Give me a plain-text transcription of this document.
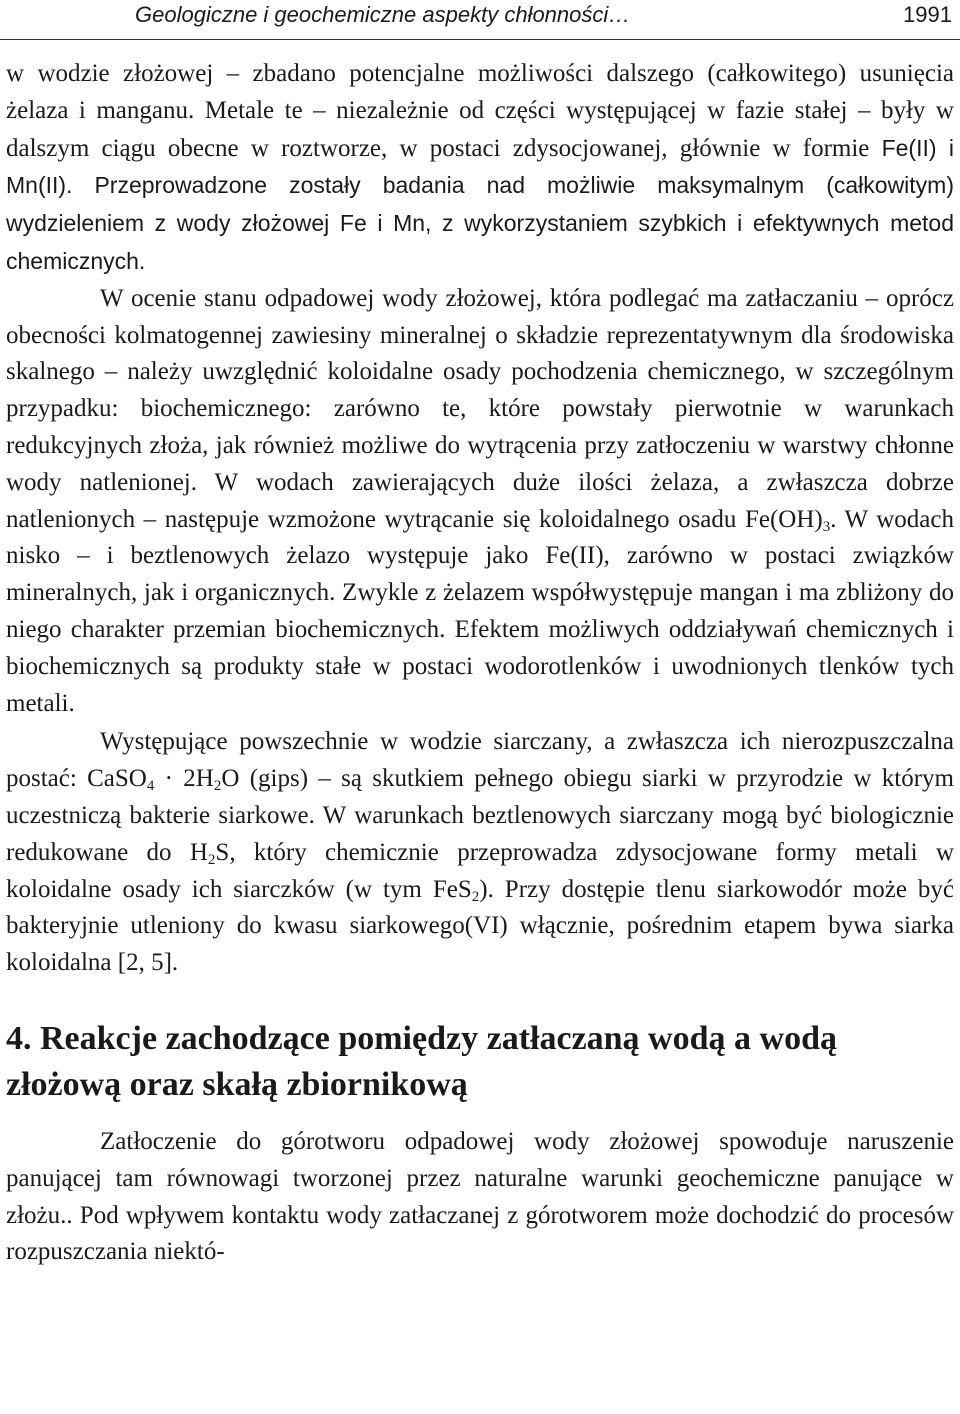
Geologiczne i geochemiczne aspekty chłonności…	1991

w wodzie złożowej – zbadano potencjalne możliwości dalszego (całkowitego) usunięcia żelaza i manganu. Metale te – niezależnie od części występującej w fazie stałej – były w dalszym ciągu obecne w roztworze, w postaci zdysocjowanej, głównie w formie Fe(II) i Mn(II). Przeprowadzone zostały badania nad możliwie maksymalnym (całkowitym) wydzieleniem z wody złożowej Fe i Mn, z wykorzystaniem szybkich i efektywnych metod chemicznych.

W ocenie stanu odpadowej wody złożowej, która podlegać ma zatłaczaniu – oprócz obecności kolmatogennej zawiesiny mineralnej o składzie reprezentatywnym dla środowiska skalnego – należy uwzględnić koloidalne osady pochodzenia chemicznego, w szczególnym przypadku: biochemicznego: zarówno te, które powstały pierwotnie w warunkach redukcyjnych złoża, jak również możliwe do wytrącenia przy zatłoczeniu w warstwy chłonne wody natlenionej. W wodach zawierających duże ilości żelaza, a zwłaszcza dobrze natlenionych – następuje wzmożone wytrącanie się koloidalnego osadu $Fe(OH)_3$. W wodach nisko – i beztlenowych żelazo występuje jako Fe(II), zarówno w postaci związków mineralnych, jak i organicznych. Zwykle z żelazem współwystępuje mangan i ma zbliżony do niego charakter przemian biochemicznych. Efektem możliwych oddziaływań chemicznych i biochemicznych są produkty stałe w postaci wodorotlenków i uwodnionych tlenków tych metali.

Występujące powszechnie w wodzie siarczany, a zwłaszcza ich nierozpuszczalna postać: CaSO$_4$ · $2H_2O$ (gips) – są skutkiem pełnego obiegu siarki w przyrodzie w którym uczestniczą bakterie siarkowe. W warunkach beztlenowych siarczany mogą być biologicznie redukowane do $H_2S$, który chemicznie przeprowadza zdysocjowane formy metali w koloidalne osady ich siarczków (w tym FeS$_2$). Przy dostępie tlenu siarkowodór może być bakteryjnie utleniony do kwasu siarkowego(VI) włącznie, pośrednim etapem bywa siarka koloidalna [2, 5].

4. Reakcje zachodzące pomiędzy zatłaczaną wodą a wodą złożową oraz skałą zbiornikową

Zatłoczenie do górotworu odpadowej wody złożowej spowoduje naruszenie panującej tam równowagi tworzonej przez naturalne warunki geochemiczne panujące w złożu.. Pod wpływem kontaktu wody zatłaczanej z górotworem może dochodzić do procesów rozpuszczania niektó-
